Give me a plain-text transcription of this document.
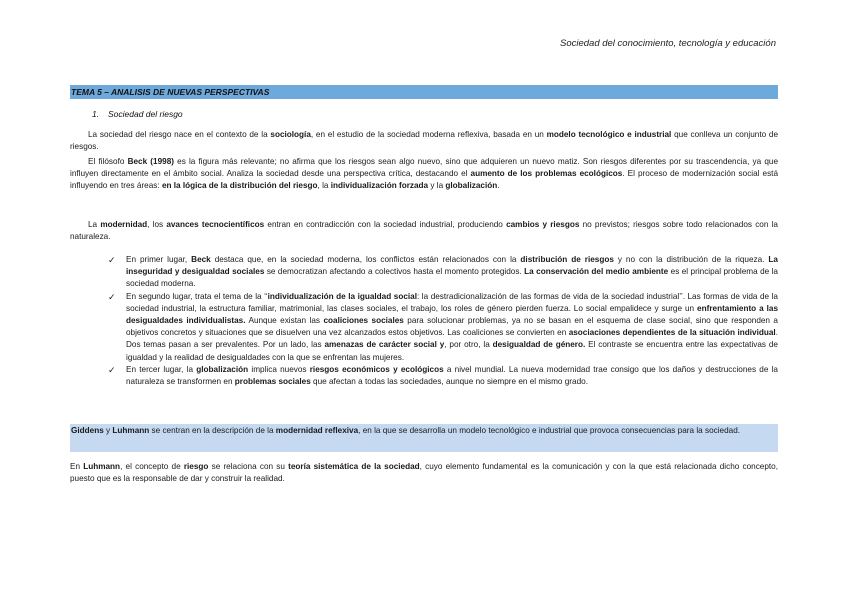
Sociedad del conocimiento, tecnología y educación
TEMA 5 – ANALISIS DE NUEVAS PERSPECTIVAS
1. Sociedad del riesgo
La sociedad del riesgo nace en el contexto de la sociología, en el estudio de la sociedad moderna reflexiva, basada en un modelo tecnológico e industrial que conlleva un conjunto de riesgos.
El filósofo Beck (1998) es la figura más relevante; no afirma que los riesgos sean algo nuevo, sino que adquieren un nuevo matiz. Son riesgos diferentes por su trascendencia, ya que influyen directamente en el ámbito social. Analiza la sociedad desde una perspectiva crítica, destacando el aumento de los problemas ecológicos. El proceso de modernización social está influyendo en tres áreas: en la lógica de la distribución del riesgo, la individualización forzada y la globalización.
La modernidad, los avances tecnocientíficos entran en contradicción con la sociedad industrial, produciendo cambios y riesgos no previstos; riesgos sobre todo relacionados con la naturaleza.
✓ En primer lugar, Beck destaca que, en la sociedad moderna, los conflictos están relacionados con la distribución de riesgos y no con la distribución de la riqueza. La inseguridad y desigualdad sociales se democratizan afectando a colectivos hasta el momento protegidos. La conservación del medio ambiente es el principal problema de la sociedad moderna.
✓ En segundo lugar, trata el tema de la ‘‘individualización de la igualdad social: la destradicionalización de las formas de vida de la sociedad industrial’’. Las formas de vida de la sociedad industrial, la estructura familiar, matrimonial, las clases sociales, el trabajo, los roles de género pierden fuerza. Lo social empalidece y surge un enfrentamiento a las desigualdades individualistas. Aunque existan las coaliciones sociales para solucionar problemas, ya no se basan en el esquema de clase social, sino que responden a objetivos concretos y situaciones que se disuelven una vez alcanzados estos objetivos. Las coaliciones se convierten en asociaciones dependientes de la situación individual. Dos temas pasan a ser prevalentes. Por un lado, las amenazas de carácter social y, por otro, la desigualdad de género. El contraste se encuentra entre las expectativas de igualdad y la realidad de desigualdades con la que se enfrentan las mujeres.
✓ En tercer lugar, la globalización implica nuevos riesgos económicos y ecológicos a nivel mundial. La nueva modernidad trae consigo que los daños y destrucciones de la naturaleza se transformen en problemas sociales que afectan a todas las sociedades, aunque no siempre en el mismo grado.
Giddens y Luhmann se centran en la descripción de la modernidad reflexiva, en la que se desarrolla un modelo tecnológico e industrial que provoca consecuencias para la sociedad.
En Luhmann, el concepto de riesgo se relaciona con su teoría sistemática de la sociedad, cuyo elemento fundamental es la comunicación y con la que está relacionada dicho concepto, puesto que es la responsable de dar y construir la realidad.
